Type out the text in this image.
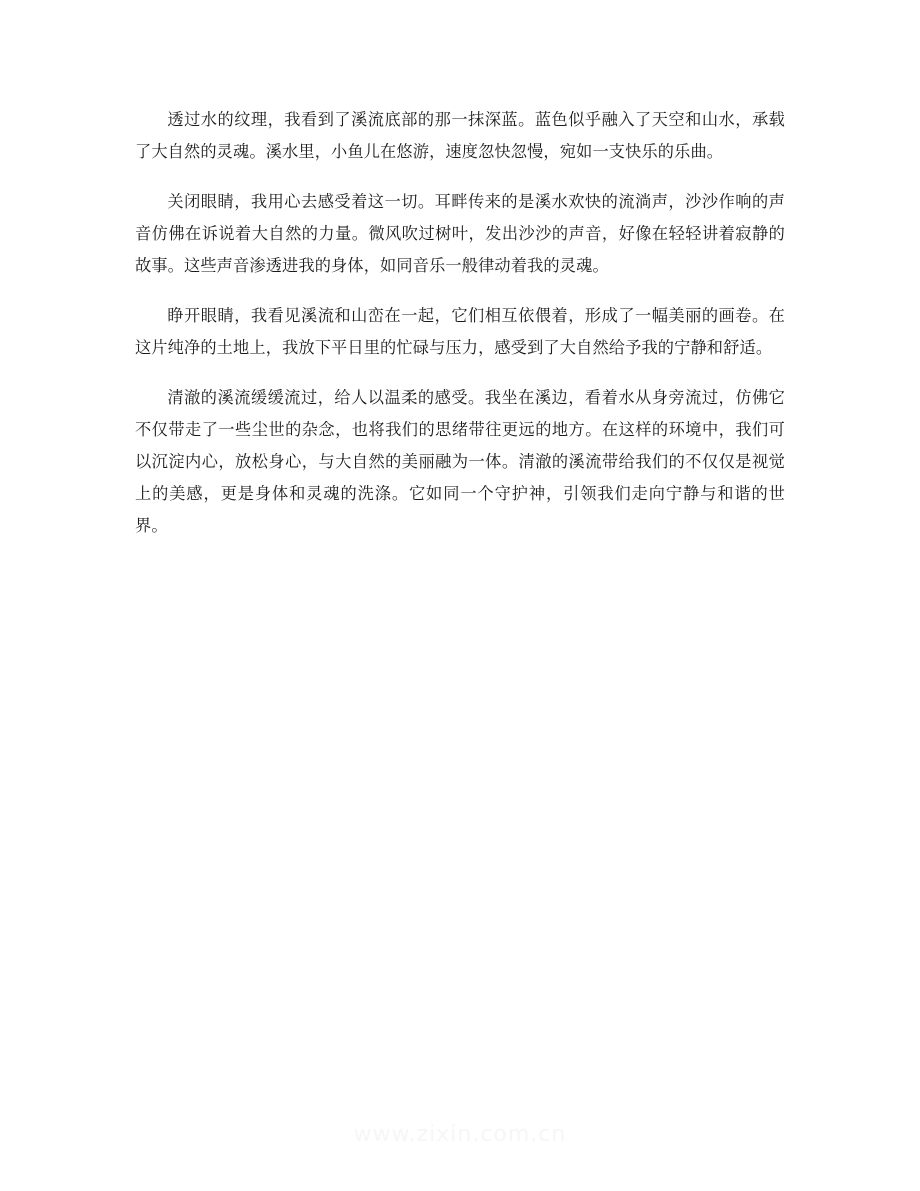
透过水的纹理，我看到了溪流底部的那一抹深蓝。蓝色似乎融入了天空和山水，承载了大自然的灵魂。溪水里，小鱼儿在悠游，速度忽快忽慢，宛如一支快乐的乐曲。

关闭眼睛，我用心去感受着这一切。耳畔传来的是溪水欢快的流淌声，沙沙作响的声音仿佛在诉说着大自然的力量。微风吹过树叶，发出沙沙的声音，好像在轻轻讲着寂静的故事。这些声音渗透进我的身体，如同音乐一般律动着我的灵魂。

睁开眼睛，我看见溪流和山峦在一起，它们相互依偎着，形成了一幅美丽的画卷。在这片纯净的土地上，我放下平日里的忙碌与压力，感受到了大自然给予我的宁静和舒适。

清澈的溪流缓缓流过，给人以温柔的感受。我坐在溪边，看着水从身旁流过，仿佛它不仅带走了一些尘世的杂念，也将我们的思绪带往更远的地方。在这样的环境中，我们可以沉淀内心，放松身心，与大自然的美丽融为一体。清澈的溪流带给我们的不仅仅是视觉上的美感，更是身体和灵魂的洗涤。它如同一个守护神，引领我们走向宁静与和谐的世界。

www.zixin.com.cn
